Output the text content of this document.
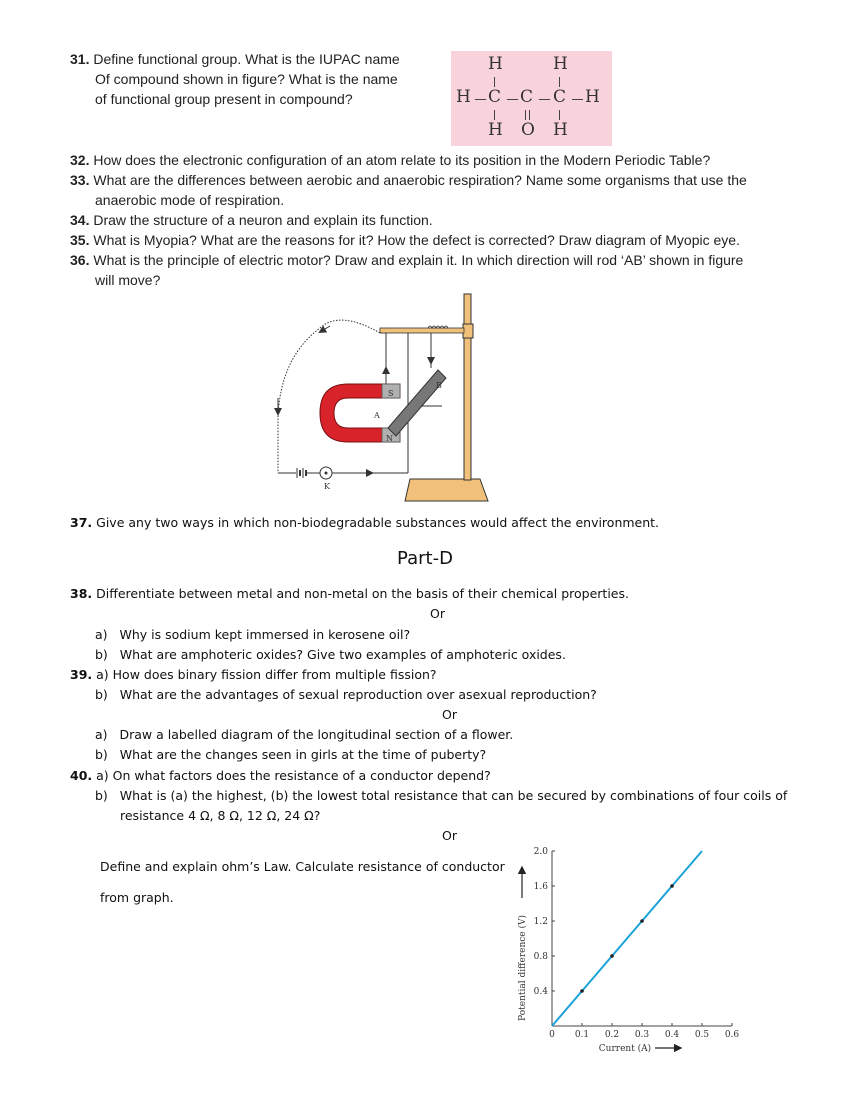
31. Define functional group. What is the IUPAC name
Of compound shown in figure? What is the name
of functional group present in compound?
H	H
H C C C H
H O H
32. How does the electronic configuration of an atom relate to its position in the Modern Periodic Table?
33. What are the differences between aerobic and anaerobic respiration? Name some organisms that use the
anaerobic mode of respiration.
34. Draw the structure of a neuron and explain its function.
35. What is Myopia? What are the reasons for it? How the defect is corrected? Draw diagram of Myopic eye.
36. What is the principle of electric motor? Draw and explain it. In which direction will rod ‘AB’ shown in figure
will move?
S
N
A
B
K
37. Give any two ways in which non-biodegradable substances would affect the environment.
Part-D
38. Differentiate between metal and non-metal on the basis of their chemical properties.
Or
a) Why is sodium kept immersed in kerosene oil?
b) What are amphoteric oxides? Give two examples of amphoteric oxides.
39. a) How does binary fission differ from multiple fission?
b) What are the advantages of sexual reproduction over asexual reproduction?
Or
a) Draw a labelled diagram of the longitudinal section of a flower.
b) What are the changes seen in girls at the time of puberty?
40. a) On what factors does the resistance of a conductor depend?
b) What is (a) the highest, (b) the lowest total resistance that can be secured by combinations of four coils of
resistance 4 Ω, 8 Ω, 12 Ω, 24 Ω?
Or
Define and explain ohm’s Law. Calculate resistance of conductor
from graph.
0 0.1 0.2 0.3 0.4 0.5 0.6
0.4
0.8
1.2
1.6
2.0
Current (A)
Potential difference (V)
